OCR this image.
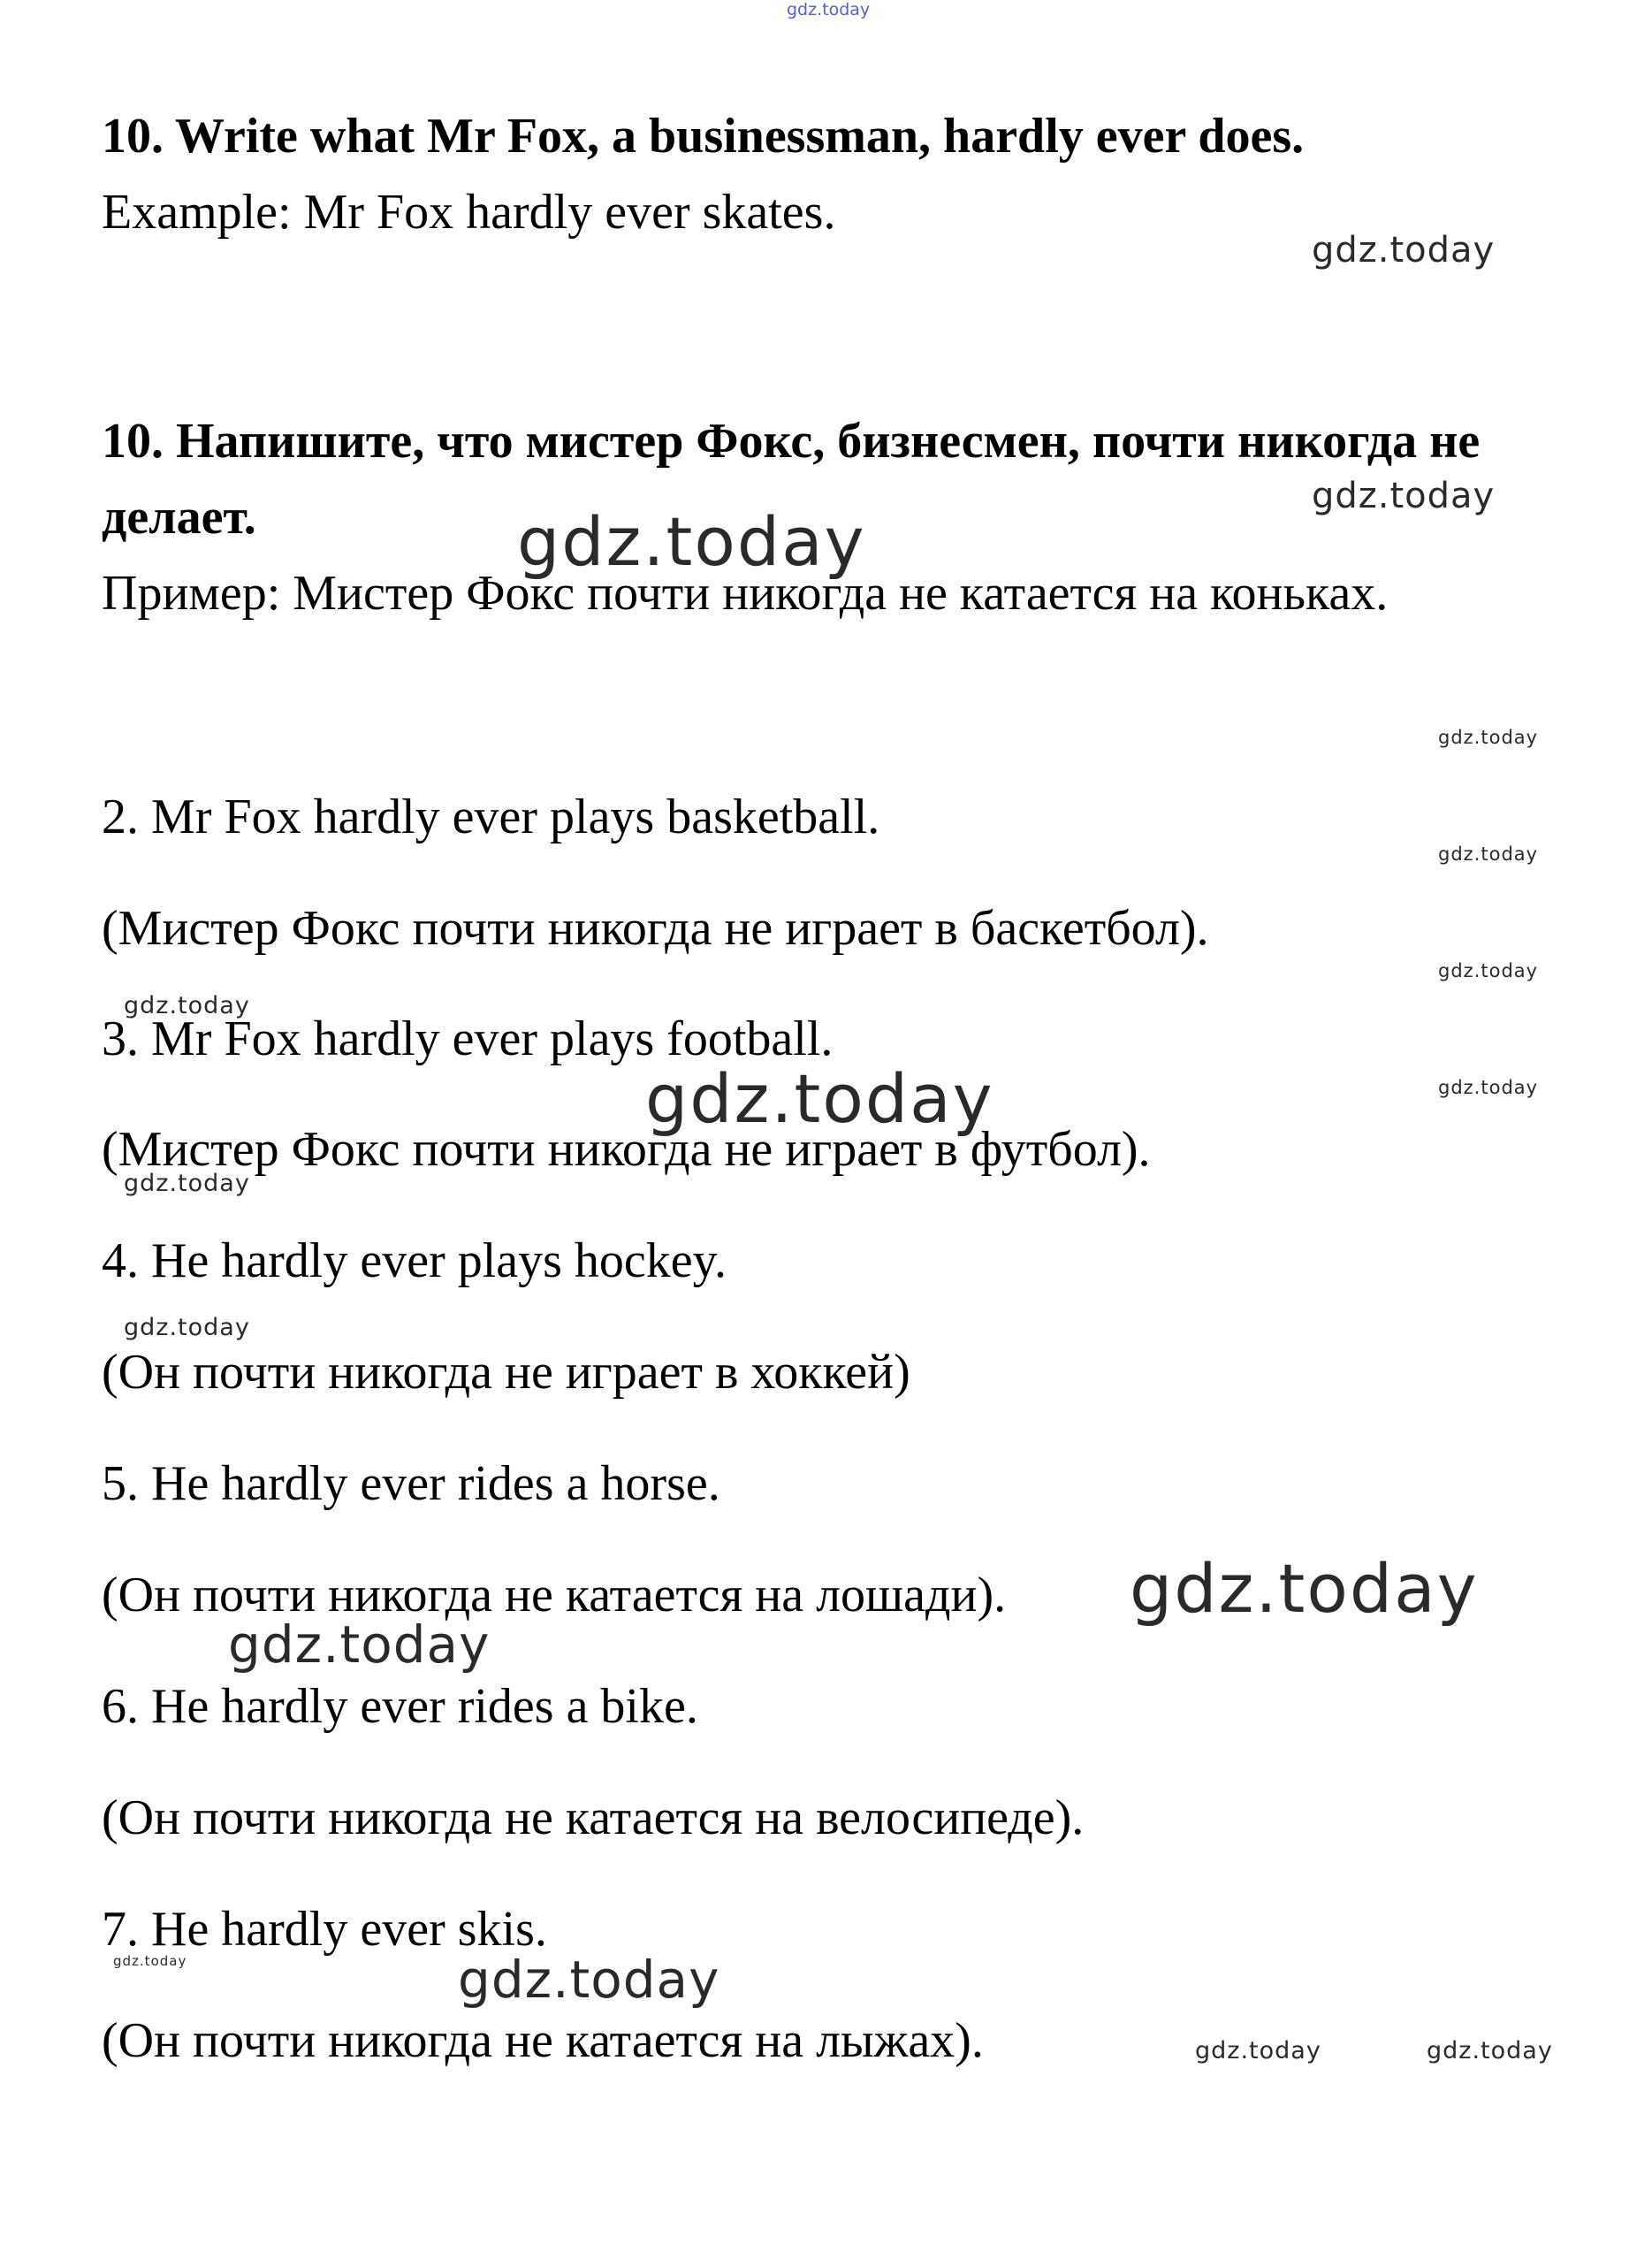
gdz.today

10. Write what Mr Fox, a businessman, hardly ever does.

Example: Mr Fox hardly ever skates.

gdz.today

10. Напишите, что мистер Фокс, бизнесмен, почти никогда не

gdz.today

делает.	gdz.today

Пример: Мистер Фокс почти никогда не катается на коньках.

gdz.today

2. Mr Fox hardly ever plays basketball.

gdz.today

(Мистер Фокс почти никогда не играет в баскетбол).

gdz.today
gdz.today

3. Mr Fox hardly ever plays football.

gdz.today	gdz.today

(Мистер Фокс почти никогда не играет в футбол).

gdz.today

4. He hardly ever plays hockey.

gdz.today

(Он почти никогда не играет в хоккей)

5. He hardly ever rides a horse.

gdz.today

(Он почти никогда не катается на лошади).

gdz.today

6. He hardly ever rides a bike.

(Он почти никогда не катается на велосипеде).

7. He hardly ever skis.

gdz.today	gdz.today

(Он почти никогда не катается на лыжах).	gdz.today	gdz.today
